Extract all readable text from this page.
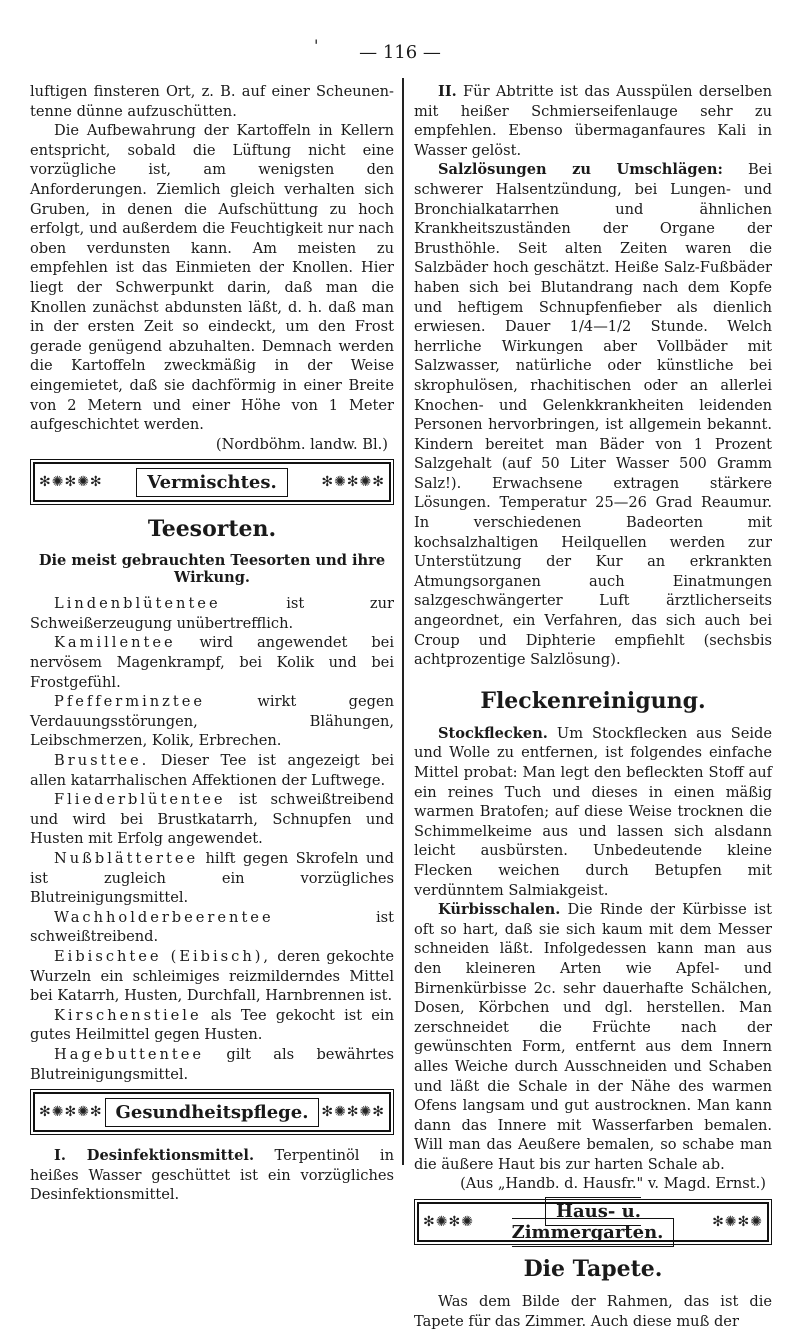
'	— 116 —

luftigen finsteren Ort, z. B. auf einer Scheunen-tenne dünne aufzuschütten.

Die Aufbewahrung der Kartoffeln in Kellern entspricht, sobald die Lüftung nicht eine vorzügliche ist, am wenigsten den Anforderungen. Ziemlich gleich verhalten sich Gruben, in denen die Aufschüttung zu hoch erfolgt, und außerdem die Feuchtigkeit nur nach oben verdunsten kann. Am meisten zu empfehlen ist das Einmieten der Knollen. Hier liegt der Schwerpunkt darin, daß man die Knollen zunächst abdunsten läßt, d. h. daß man in der ersten Zeit so eindeckt, um den Frost gerade genügend abzuhalten. Demnach werden die Kartoffeln zweckmäßig in der Weise eingemietet, daß sie dachförmig in einer Breite von 2 Metern und einer Höhe von 1 Meter aufgeschichtet werden.

(Nordböhm. landw. Bl.)

✻✺✻✺✻	Vermischtes.	✻✺✻✺✻
Teesorten.
Die meist gebrauchten Teesorten und ihre Wirkung.

Lindenblütentee ist zur Schweißerzeugung unübertrefflich.

Kamillentee wird angewendet bei nervösem Magenkrampf, bei Kolik und bei Frostgefühl.

Pfefferminztee wirkt gegen Verdauungsstörungen, Blähungen, Leibschmerzen, Kolik, Erbrechen.

Brusttee. Dieser Tee ist angezeigt bei allen katarrhalischen Affektionen der Luftwege.

Fliederblütentee ist schweißtreibend und wird bei Brustkatarrh, Schnupfen und Husten mit Erfolg angewendet.

Nußblättertee hilft gegen Skrofeln und ist zugleich ein vorzügliches Blutreinigungsmittel.

Wachholderbeerentee ist schweißtreibend.

Eibischtee (Eibisch), deren gekochte Wurzeln ein schleimiges reizmilderndes Mittel bei Katarrh, Husten, Durchfall, Harnbrennen ist.

Kirschenstiele als Tee gekocht ist ein gutes Heilmittel gegen Husten.

Hagebuttentee gilt als bewährtes Blutreinigungsmittel.

✻✺✻✺✻ Gesundheitspflege. ✻✺✻✺✻

I. Desinfektionsmittel. Terpentinöl in heißes Wasser geschüttet ist ein vorzügliches Desinfektionsmittel.

II. Für Abtritte ist das Ausspülen derselben mit heißer Schmierseifenlauge sehr zu empfehlen. Ebenso übermaganfaures Kali in Wasser gelöst.

Salzlösungen zu Umschlägen: Bei schwerer Halsentzündung, bei Lungen- und Bronchialkatarrhen und ähnlichen Krankheitszuständen der Organe der Brusthöhle. Seit alten Zeiten waren die Salzbäder hoch geschätzt. Heiße Salz-Fußbäder haben sich bei Blutandrang nach dem Kopfe und heftigem Schnupfenfieber als dienlich erwiesen. Dauer 1/4—1/2 Stunde. Welch herrliche Wirkungen aber Vollbäder mit Salzwasser, natürliche oder künstliche bei skrophulösen, rhachitischen oder an allerlei Knochen- und Gelenkkrankheiten leidenden Personen hervorbringen, ist allgemein bekannt. Kindern bereitet man Bäder von 1 Prozent Salzgehalt (auf 50 Liter Wasser 500 Gramm Salz!). Erwachsene extragen stärkere Lösungen. Temperatur 25—26 Grad Reaumur. In verschiedenen Badeorten mit kochsalzhaltigen Heilquellen werden zur Unterstützung der Kur an erkrankten Atmungsorganen auch Einatmungen salzgeschwängerter Luft ärztlicherseits angeordnet, ein Verfahren, das sich auch bei Croup und Diphterie empfiehlt (sechsbis achtprozentige Salzlösung).

Fleckenreinigung.

Stockflecken. Um Stockflecken aus Seide und Wolle zu entfernen, ist folgendes einfache Mittel probat: Man legt den befleckten Stoff auf ein reines Tuch und dieses in einen mäßig warmen Bratofen; auf diese Weise trocknen die Schimmelkeime aus und lassen sich alsdann leicht ausbürsten. Unbedeutende kleine Flecken weichen durch Betupfen mit verdünntem Salmiakgeist.

Kürbisschalen. Die Rinde der Kürbisse ist oft so hart, daß sie sich kaum mit dem Messer schneiden läßt. Infolgedessen kann man aus den kleineren Arten wie Apfel- und Birnenkürbisse 2c. sehr dauerhafte Schälchen, Dosen, Körbchen und dgl. herstellen. Man zerschneidet die Früchte nach der gewünschten Form, entfernt aus dem Innern alles Weiche durch Ausschneiden und Schaben und läßt die Schale in der Nähe des warmen Ofens langsam und gut austrocknen. Man kann dann das Innere mit Wasserfarben bemalen. Will man das Aeußere bemalen, so schabe man die äußere Haut bis zur harten Schale ab.

(Aus „Handb. d. Hausfr." v. Magd. Ernst.)

✻✺✻✺	Haus- u. Zimmergarten.	✻✺✻✺
Die Tapete.

Was dem Bilde der Rahmen, das ist die Tapete für das Zimmer. Auch diese muß der
